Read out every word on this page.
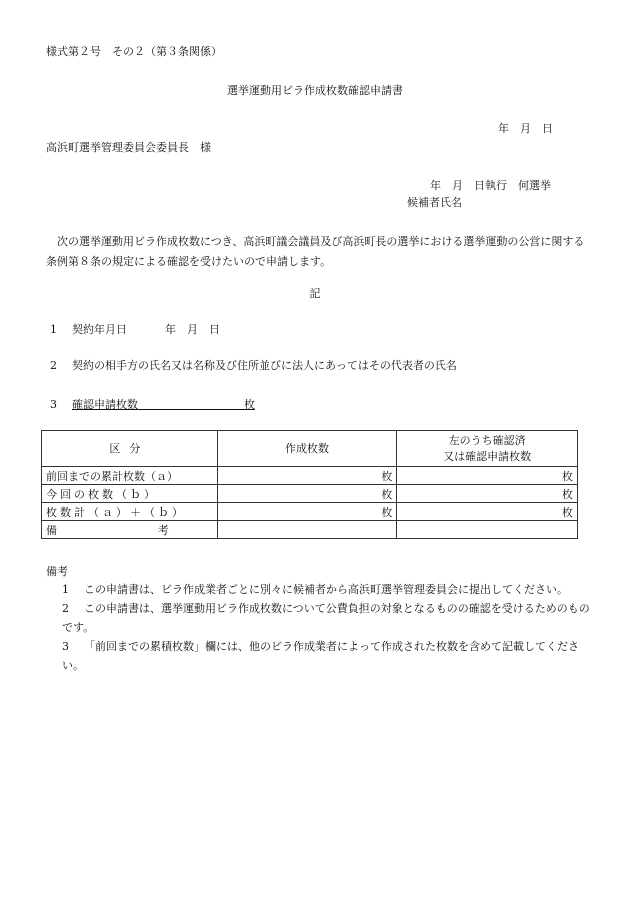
様式第２号　その２（第３条関係）
選挙運動用ビラ作成枚数確認申請書
年　月　日
高浜町選挙管理委員会委員長　様
年　月　日執行　何選挙
候補者氏名
次の選挙運動用ビラ作成枚数につき、高浜町議会議員及び高浜町長の選挙における選挙運動の公営に関する条例第８条の規定による確認を受けたいので申請します。
記
1 契約年月日	年　月　日
2 契約の相手方の氏名又は名称及び住所並びに法人にあってはその代表者の氏名
3 確認申請枚数	枚
区分	作成枚数	左のうち確認済
又は確認申請枚数

前回までの累計枚数（ａ）	枚	枚
今回の枚数（ｂ）	枚	枚
枚数計（ａ）＋（ｂ）	枚	枚
備 考		

備考
1 この申請書は、ビラ作成業者ごとに別々に候補者から高浜町選挙管理委員会に提出してください。
2 この申請書は、選挙運動用ビラ作成枚数について公費負担の対象となるものの確認を受けるためのものです。
3 「前回までの累積枚数」欄には、他のビラ作成業者によって作成された枚数を含めて記載してください。
